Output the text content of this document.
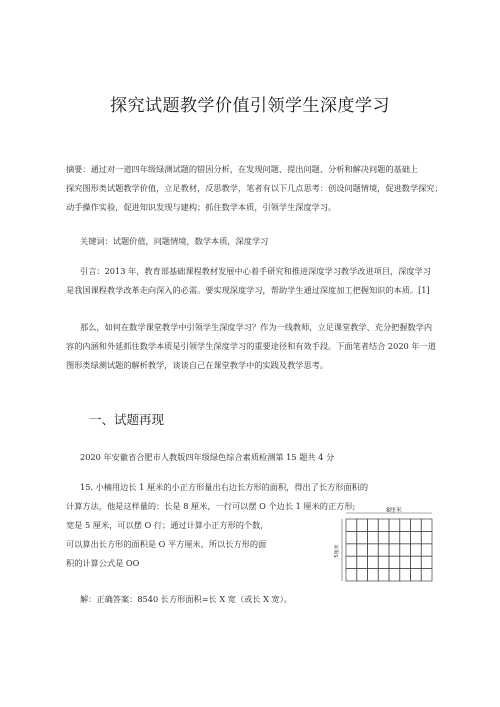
探究试题教学价值引领学生深度学习
摘要：通过对一道四年级绿测试题的错因分析，在发现问题、提出问题、分析和解决问题的基础上
探究图形类试题教学价值，立足教材，反思教学，笔者有以下几点思考：创设问题情境，促进数学探究；
动手操作实验，促进知识发现与建构；抓住数学本质，引领学生深度学习。
关键词：试题价值，问题情境，数学本质，深度学习
引言：2013 年，教育部基础课程教材发展中心着手研究和推进深度学习教学改进项目，深度学习
是我国课程教学改革走向深入的必需。要实现深度学习，帮助学生通过深度加工把握知识的本质。[1]
那么，如何在数学课堂教学中引领学生深度学习？作为一线教师，立足课堂教学、充分把握数学内
容的内涵和外延抓住数学本质是引领学生深度学习的重要途径和有效手段。下面笔者结合 2020 年一道
图形类绿测试题的解析教学，谈谈自己在课堂教学中的实践及教学思考。
一、试题再现
2020 年安徽省合肥市人教版四年级绿色综合素质检测第 15 题共 4 分
15. 小楠用边长 1 厘米的小正方形量出右边长方形的面积，得出了长方形面积的
计算方法，他是这样量的：长是 8 厘米，一行可以摆 O 个边长 1 厘米的正方形;
宽是 5 厘米，可以摆 O 行；通过计算小正方形的个数，
可以算出长方形的面积是 O 平方厘米，所以长方形的面
积的计算公式是 OO
8厘米
5厘米
解：正确答案：8540 长方形面积=长 X 宽（或长 X 宽）。
